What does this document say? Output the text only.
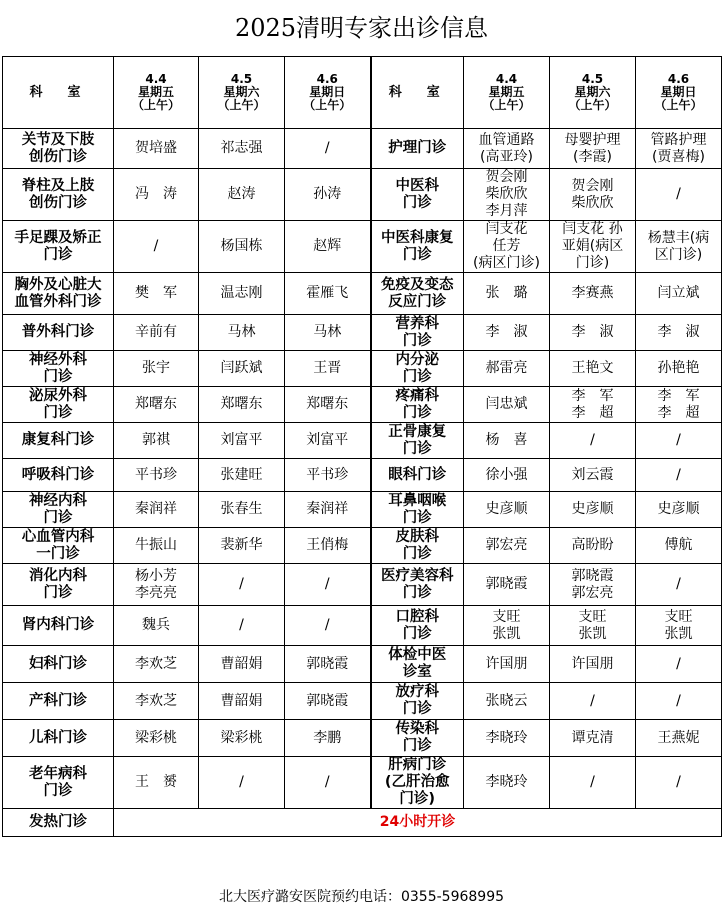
2025清明专家出诊信息
科　室	4.4
星期五
（上午）	4.5
星期六
（上午）	4.6
星期日
（上午）	科　室	4.4
星期五
（上午）	4.5
星期六
（上午）	4.6
星期日
（上午）

关节及下肢
创伤门诊	贺培盛	祁志强	/	护理门诊	血管通路
(高亚玲)	母婴护理
(李霞)	管路护理
(贾喜梅)

脊柱及上肢
创伤门诊	冯　涛	赵涛	孙涛	中医科
门诊	贺会刚
柴欣欣
李月萍	贺会刚
柴欣欣	/

手足踝及矫正
门诊	/	杨国栋	赵辉	中医科康复
门诊	闫支花
任芳
(病区门诊)	闫支花 孙
亚娟(病区
门诊)	杨慧丰(病
区门诊)

胸外及心脏大
血管外科门诊	樊　军	温志刚	霍雁飞	免疫及变态
反应门诊	张　璐	李赛燕	闫立斌

普外科门诊	辛前有	马林	马林	营养科
门诊	李　淑	李　淑	李　淑

神经外科
门诊	张宇	闫跃斌	王晋	内分泌
门诊	郝雷亮	王艳文	孙艳艳

泌尿外科
门诊	郑曙东	郑曙东	郑曙东	疼痛科
门诊	闫忠斌	李　军
李　超	李　军
李　超

康复科门诊	郭祺	刘富平	刘富平	正骨康复
门诊	杨　喜	/	/

呼吸科门诊	平书珍	张建旺	平书珍	眼科门诊	徐小强	刘云霞	/

神经内科
门诊	秦润祥	张春生	秦润祥	耳鼻咽喉
门诊	史彦顺	史彦顺	史彦顺

心血管内科
一门诊	牛振山	裴新华	王俏梅	皮肤科
门诊	郭宏亮	高盼盼	傅航

消化内科
门诊	杨小芳
李亮亮	/	/	医疗美容科
门诊	郭晓霞	郭晓霞
郭宏亮	/

肾内科门诊	魏兵	/	/	口腔科
门诊	支旺
张凯	支旺
张凯	支旺
张凯

妇科门诊	李欢芝	曹韶娟	郭晓霞	体检中医
诊室	许国朋	许国朋	/

产科门诊	李欢芝	曹韶娟	郭晓霞	放疗科
门诊	张晓云	/	/

儿科门诊	梁彩桃	梁彩桃	李鹏	传染科
门诊	李晓玲	谭克清	王燕妮

老年病科
门诊	王　赟	/	/	肝病门诊
(乙肝治愈
门诊)	李晓玲	/	/

发热门诊	24小时开诊						
北大医疗潞安医院预约电话：0355-5968995
